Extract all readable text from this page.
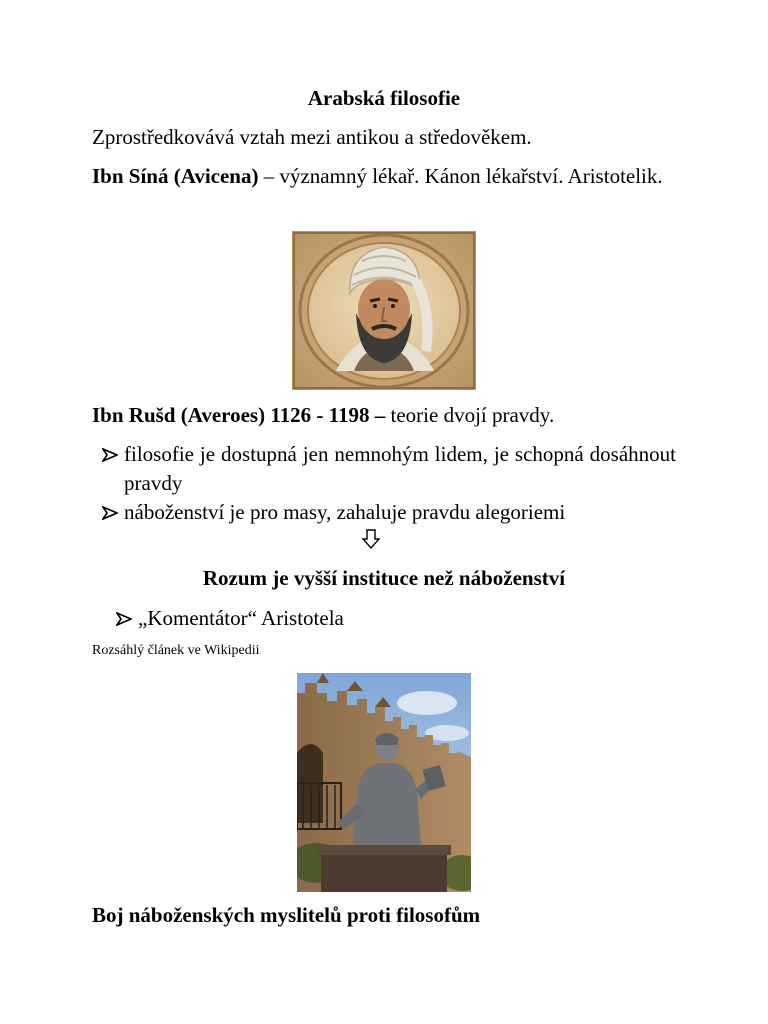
Arabská filosofie
Zprostředkovává vztah mezi antikou a středověkem.
Ibn Síná (Avicena) – významný lékař. Kánon lékařství. Aristotelik.
Ibn Rušd (Averoes) 1126 - 1198 – teorie dvojí pravdy.
filosofie je dostupná jen nemnohým lidem, je schopná dosáhnout pravdy
náboženství je pro masy, zahaluje pravdu alegoriemi
Rozum je vyšší instituce než náboženství
„Komentátor“ Aristotela
Rozsáhlý článek ve Wikipedii
Boj náboženských myslitelů proti filosofům
